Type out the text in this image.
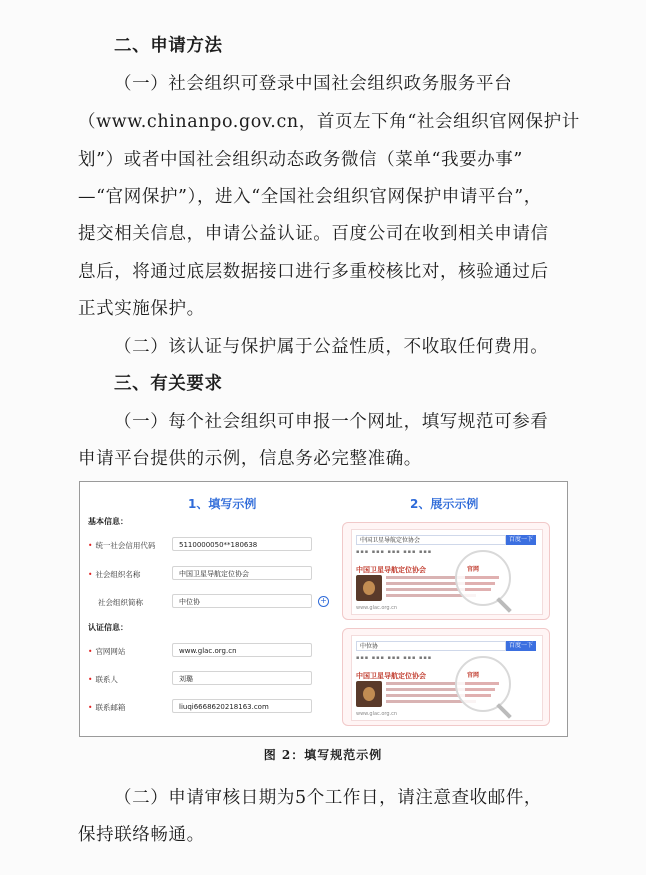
二、申请方法
（一）社会组织可登录中国社会组织政务服务平台
（www.chinanpo.gov.cn，首页左下角“社会组织官网保护计
划”）或者中国社会组织动态政务微信（菜单“我要办事”
—“官网保护”），进入“全国社会组织官网保护申请平台”，
提交相关信息，申请公益认证。百度公司在收到相关申请信
息后，将通过底层数据接口进行多重校核比对，核验通过后
正式实施保护。
（二）该认证与保护属于公益性质，不收取任何费用。
三、有关要求
（一）每个社会组织可申报一个网址，填写规范可参看
申请平台提供的示例，信息务必完整准确。
1、填写示例	2、展示示例
基本信息：
• 统一社会信用代码	5110000050**180638
• 社会组织名称	中国卫星导航定位协会
社会组织简称	中位协	+
认证信息：
• 官网网站	www.glac.org.cn
• 联系人	刘璐
• 联系邮箱	liuqi6668620218163.com
中国卫星导航定位协会	百度一下
▪▪▪ ▪▪▪ ▪▪▪ ▪▪▪ ▪▪▪
中国卫星导航定位协会
www.glac.org.cn
官网
中位协	百度一下
▪▪▪ ▪▪▪ ▪▪▪ ▪▪▪ ▪▪▪
中国卫星导航定位协会
www.glac.org.cn
官网
图 2：填写规范示例
（二）申请审核日期为5个工作日，请注意查收邮件，
保持联络畅通。
